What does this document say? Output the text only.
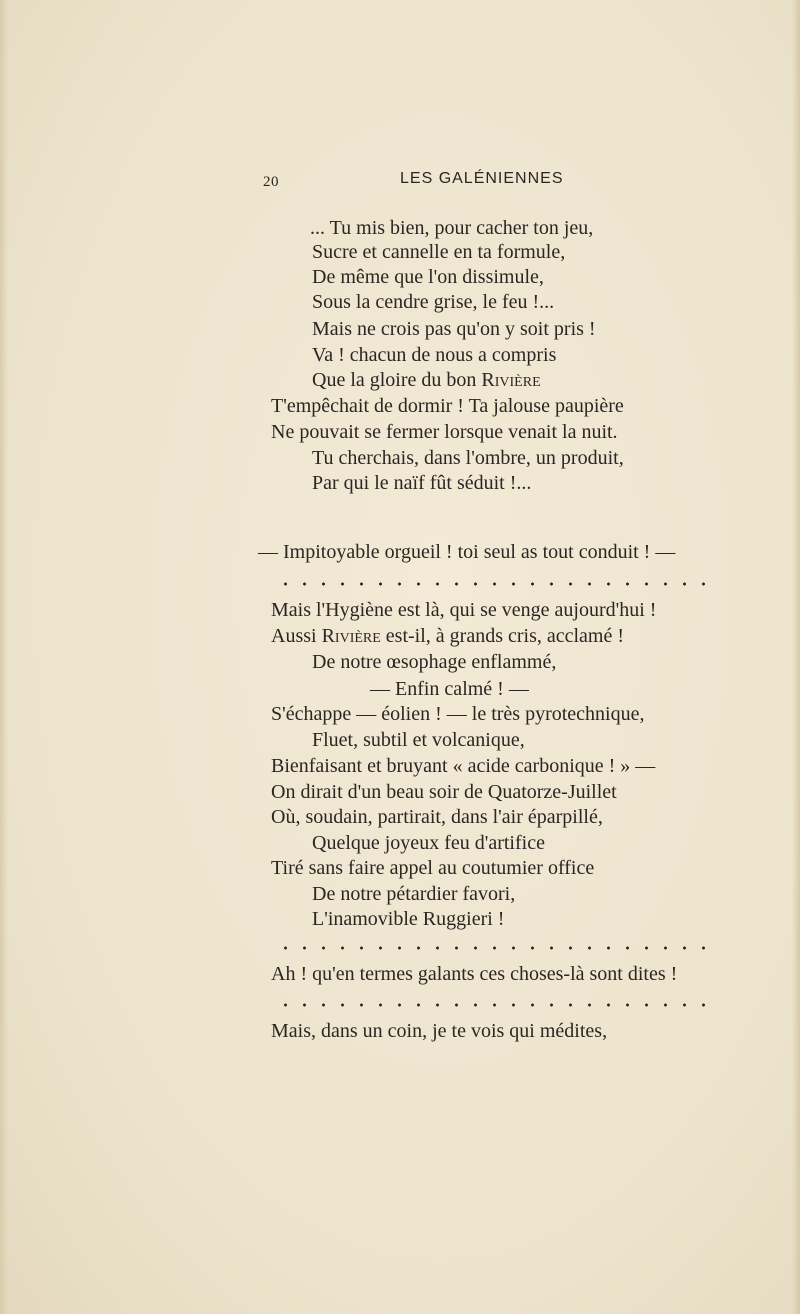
20	LES GALÉNIENNES
... Tu mis bien, pour cacher ton jeu,
Sucre et cannelle en ta formule,
De même que l'on dissimule,
Sous la cendre grise, le feu !...
Mais ne crois pas qu'on y soit pris !
Va ! chacun de nous a compris
Que la gloire du bon Rivière
T'empêchait de dormir ! Ta jalouse paupière
Ne pouvait se fermer lorsque venait la nuit.
Tu cherchais, dans l'ombre, un produit,
Par qui le naïf fût séduit !...
— Impitoyable orgueil ! toi seul as tout conduit ! —
Mais l'Hygiène est là, qui se venge aujourd'hui !
Aussi Rivière est-il, à grands cris, acclamé !
De notre œsophage enflammé,
— Enfin calmé ! —
S'échappe — éolien ! — le très pyrotechnique,
Fluet, subtil et volcanique,
Bienfaisant et bruyant « acide carbonique ! » —
On dirait d'un beau soir de Quatorze-Juillet
Où, soudain, partirait, dans l'air éparpillé,
Quelque joyeux feu d'artifice
Tiré sans faire appel au coutumier office
De notre pétardier favori,
L'inamovible Ruggieri !
Ah ! qu'en termes galants ces choses-là sont dites !
Mais, dans un coin, je te vois qui médites,
